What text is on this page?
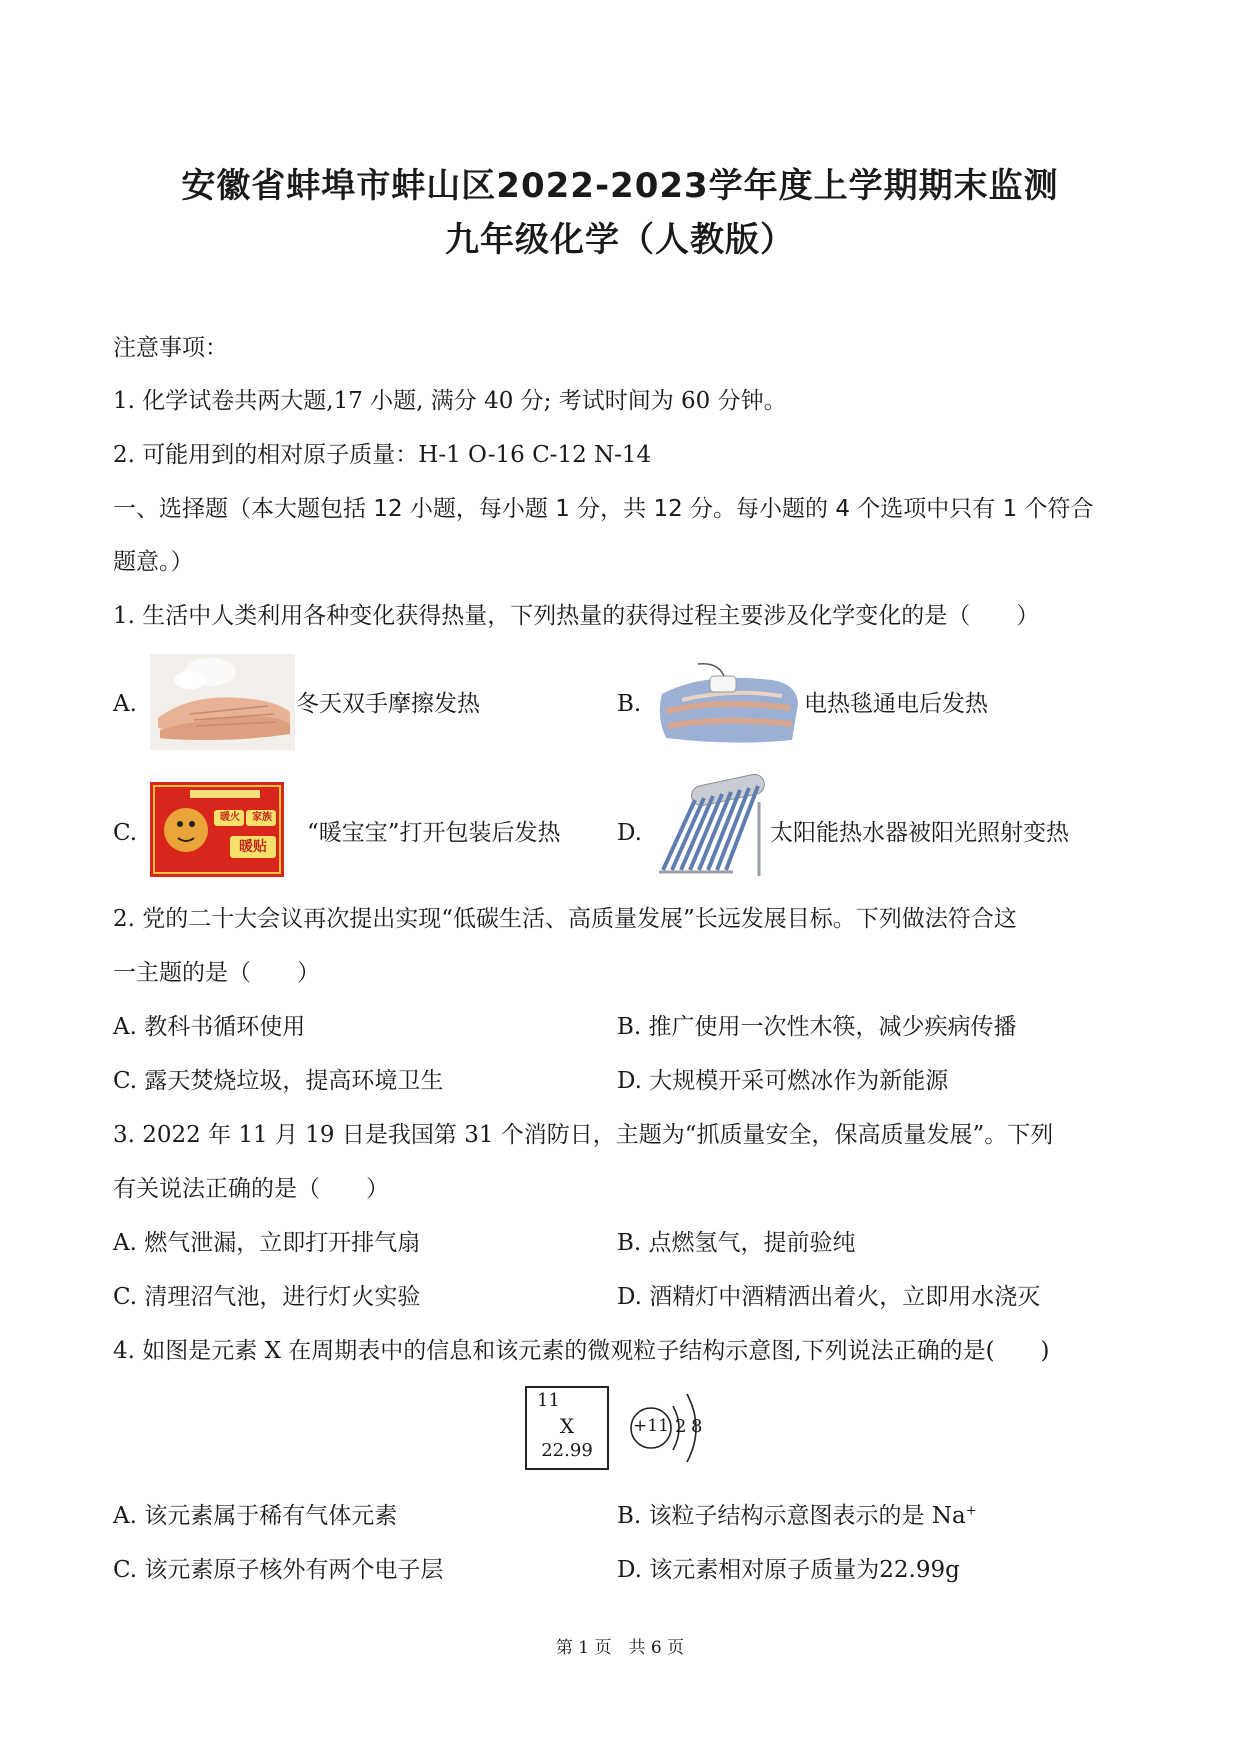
安徽省蚌埠市蚌山区2022-2023学年度上学期期末监测
九年级化学（人教版）
注意事项：
1. 化学试卷共两大题,17 小题, 满分 40 分; 考试时间为 60 分钟。
2. 可能用到的相对原子质量：H-1 O-16 C-12 N-14
一、选择题（本大题包括 12 小题，每小题 1 分，共 12 分。每小题的 4 个选项中只有 1 个符合
题意。）
1. 生活中人类利用各种变化获得热量，下列热量的获得过程主要涉及化学变化的是（　　）
A.	冬天双手摩擦发热	B.	电热毯通电后发热
C.
暖火	家族
暖贴
“暖宝宝”打开包装后发热 D.	太阳能热水器被阳光照射变热
2. 党的二十大会议再次提出实现“低碳生活、高质量发展”长远发展目标。下列做法符合这
一主题的是（　　）
A. 教科书循环使用	B. 推广使用一次性木筷，减少疾病传播
C. 露天焚烧垃圾，提高环境卫生	D. 大规模开采可燃冰作为新能源
3. 2022 年 11 月 19 日是我国第 31 个消防日，主题为“抓质量安全，保高质量发展”。下列
有关说法正确的是（　　）
A. 燃气泄漏，立即打开排气扇	B. 点燃氢气，提前验纯
C. 清理沼气池，进行灯火实验	D. 酒精灯中酒精洒出着火，立即用水浇灭
4. 如图是元素 X 在周期表中的信息和该元素的微观粒子结构示意图,下列说法正确的是(　　)
11
X
22.99
+11 2 8
A. 该元素属于稀有气体元素	B. 该粒子结构示意图表示的是 Na+
C. 该元素原子核外有两个电子层	D. 该元素相对原子质量为22.99g
第 1 页　共 6 页
